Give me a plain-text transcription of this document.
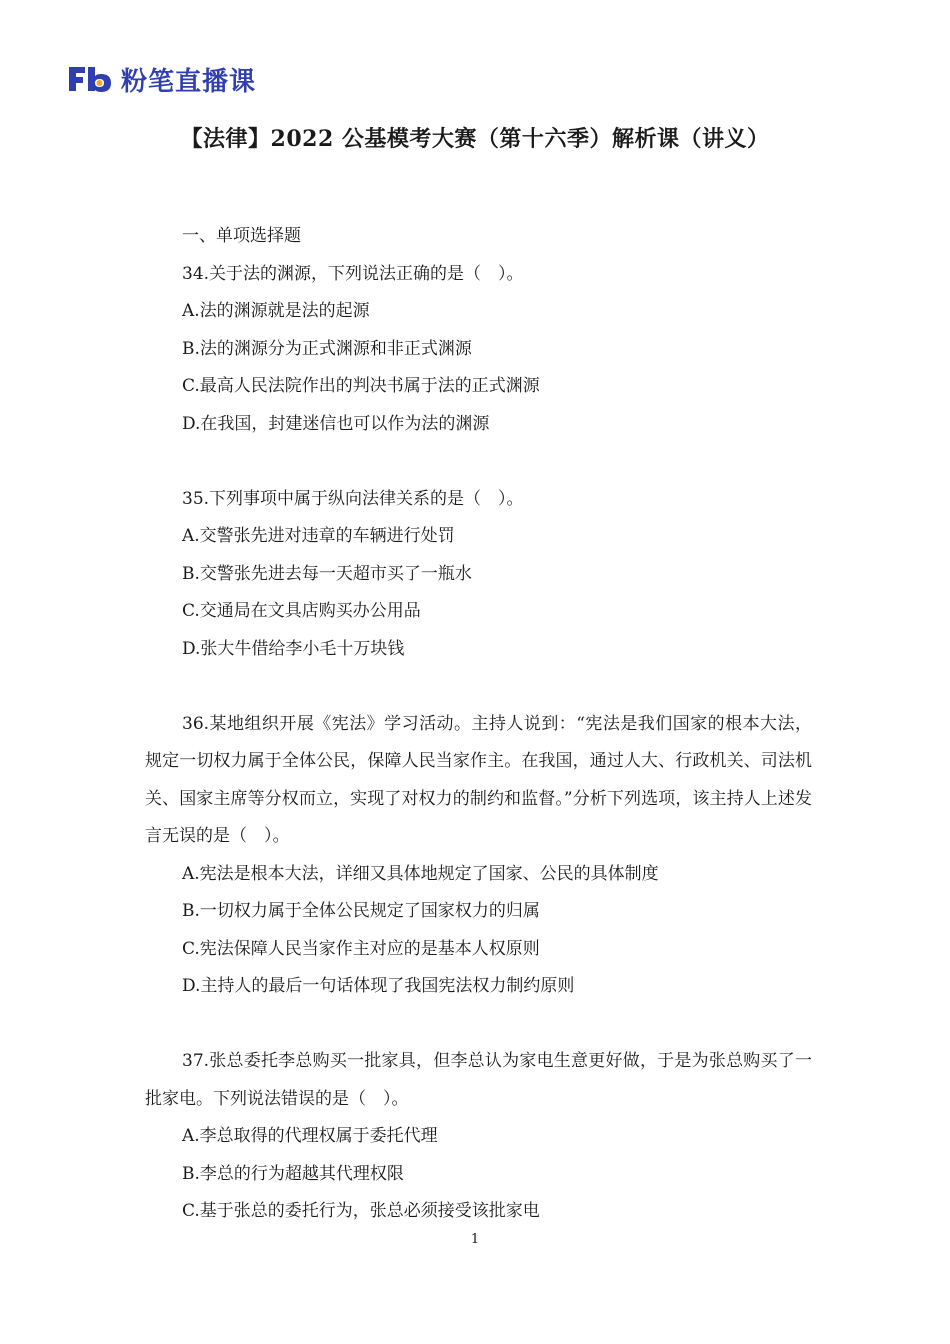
粉笔直播课
【法律】2022 公基模考大赛（第十六季）解析课（讲义）
一、单项选择题
34.关于法的渊源，下列说法正确的是（　）。
A.法的渊源就是法的起源
B.法的渊源分为正式渊源和非正式渊源
C.最高人民法院作出的判决书属于法的正式渊源
D.在我国，封建迷信也可以作为法的渊源
35.下列事项中属于纵向法律关系的是（　）。
A.交警张先进对违章的车辆进行处罚
B.交警张先进去每一天超市买了一瓶水
C.交通局在文具店购买办公用品
D.张大牛借给李小毛十万块钱
36.某地组织开展《宪法》学习活动。主持人说到：“宪法是我们国家的根本大法，规定一切权力属于全体公民，保障人民当家作主。在我国，通过人大、行政机关、司法机关、国家主席等分权而立，实现了对权力的制约和监督。”分析下列选项，该主持人上述发言无误的是（　）。
A.宪法是根本大法，详细又具体地规定了国家、公民的具体制度
B.一切权力属于全体公民规定了国家权力的归属
C.宪法保障人民当家作主对应的是基本人权原则
D.主持人的最后一句话体现了我国宪法权力制约原则
37.张总委托李总购买一批家具，但李总认为家电生意更好做，于是为张总购买了一批家电。下列说法错误的是（　）。
A.李总取得的代理权属于委托代理
B.李总的行为超越其代理权限
C.基于张总的委托行为，张总必须接受该批家电
1
